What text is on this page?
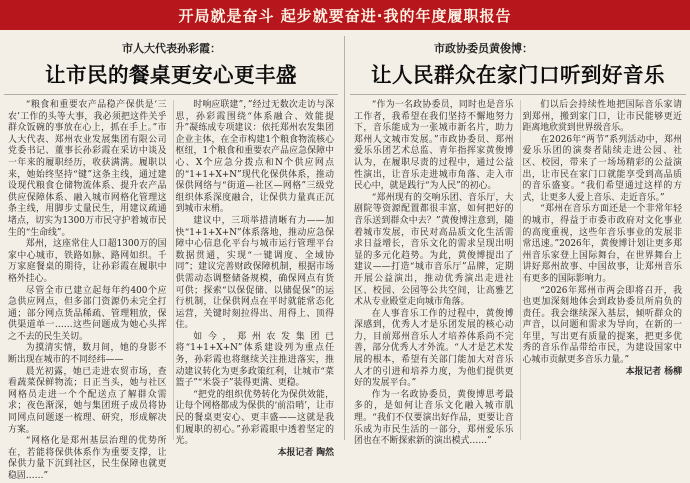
开局就是奋斗 起步就要奋进·我的年度履职报告
市人大代表孙彩霞：
让市民的餐桌更安心更丰盛

“粮食和重要农产品稳产保供是‘三农’工作的头等大事，我必须把这件关乎群众饭碗的事放在心上，抓在手上。”市人大代表、郑州农业发展集团有限公司党委书记、董事长孙彩霞在采访中谈及一年来的履职经历，收获满满。履职以来，她始终坚持“键”这条主线，通过建设现代粮食仓储物流体系、提升农产品供应保障体系、融入城市网格化管理这条主线，用脚步丈量民生，用建议疏通堵点，切实为1300万市民守护着城市民生的“生命线”。

郑州，这座常住人口超1300万的国家中心城市，铁路如脉、路网如织。千万家庭餐桌的期待，让孙彩霞在履职中格外挂心。

尽管全市已建立起每年约400个应急供应网点，但多部门资源仍未完全打通；部分网点货品稀疏、管理粗放，保供渠道单一……这些问题成为她心头挥之不去的民生关切。

为摸清实情，数月间，她的身影不断出现在城市的不同经纬——

晨光初露，她已走进农贸市场，查看蔬菜保鲜物流；日正当头，她与社区网格员走进一个个配送点了解群众需求；夜色渐深，她与集团班子成员将协同网点问题逐一梳理、研究，形成解决方案。

“网格化是郑州基层治理的优势所在，若能将保供体系作为重要支撑，让保供力量下沉到社区，民生保障也就更稳固……”

时响应联建”，”经过无数次走访与深思，孙彩霞围绕“体系融合、效能提升”凝练成专项建议：依托郑州农发集团企业主体，在全市构建1个粮食物流核心枢纽，1个粮食和重要农产品应急保障中心、X个应急分拨点和N个供应网点的“1+1+X+N”现代化保供体系，推动保供网络与“街道—社区—网格”三级党组织体系深度融合，让保供力量真正沉到城市末梢。

建议中，三项举措清晰有力——加快“1+1+X+N”体系落地，推动应急保障中心信息化平台与城市运行管理平台数据贯通，实现“一键调度、全域协同”；建议完善财政保障机制，根据市场供需动态调整储备规模，确保网点有货可供；探索“以保促储、以储促保”的运行机制，让保供网点在平时就能常态化运营，关键时刻拉得出、用得上、顶得住。

如今，郑州农发集团已将“1+1+X+N”体系建设列为重点任务，孙彩霞也将继续关注推进落实，推动建议转化为更多政策红利，让城市“菜篮子”“米袋子”装得更满、更稳。

“把党的组织优势转化为保供效能，让每个网格都成为保供的‘前沿哨’，让市民的餐桌更安心、更丰盛——这就是我们履职的初心。”孙彩霞眼中透着坚定的光。

本报记者 陶然

市政协委员黄俊博：
让人民群众在家门口听到好音乐

“作为一名政协委员，同时也是音乐工作者，我希望在我们坚持不懈地努力下，音乐能成为一张城市新名片，助力郑州人文城市发展。”市政协委员、郑州爱乐乐团艺术总监、青年指挥家黄俊博认为，在履职尽责的过程中，通过公益性演出，让音乐走进城市角落、走入市民心中，就是践行“为人民”的初心。

“郑州现有的交响乐团、音乐厅，大剧院等资源配置都很丰富，如何把好的音乐送到群众中去？”黄俊博注意到，随着城市发展，市民对高品质文化生活需求日益增长，音乐文化的需求呈现出明显的多元化趋势。为此，黄俊博提出了建议——打造“城市音乐厅”品牌，定期开展公益演出，推动优秀演出走进社区、校园、公园等公共空间，让高雅艺术从专业殿堂走向城市角落。

在人事音乐工作的过程中，黄俊博深感到，优秀人才是乐团发展的核心动力，目前郑州音乐人才培养体系尚不完善，部分优秀人才外流。“人才是艺术发展的根本，希望有关部门能加大对音乐人才的引进和培养力度，为他们提供更好的发展平台。”

作为一名政协委员，黄俊博思考最多的，是如何让音乐文化融入城市肌理。“我们不仅要演出好作品，更要让音乐成为市民生活的一部分，郑州爱乐乐团也在不断探索新的演出模式……”

们以后会持续性地把国际音乐家请到郑州，搬到家门口，让市民能够更近距离地欣赏到世界级音乐。

在2026年“两节”系列活动中，郑州爱乐乐团的演奏者陆续走进公园、社区、校园，带来了一场场精彩的公益演出，让市民在家门口就能享受到高品质的音乐盛宴。“我们希望通过这样的方式，让更多人爱上音乐、走近音乐。”

“郑州在音乐方面还是一个非常年轻的城市，得益于市委市政府对文化事业的高度重视，这些年音乐事业的发展非常迅速。”2026年，黄俊博计划让更多郑州音乐家登上国际舞台，在世界舞台上讲好郑州故事、中国故事，让郑州音乐有更多的国际影响力。

“2026年郑州市两会即将召开，我也更加深刻地体会到政协委员所肩负的责任。我会继续深入基层，倾听群众的声音，以问题和需求为导向，在新的一年里，写出更有质量的提案，把更多优秀的音乐作品带给市民，为建设国家中心城市贡献更多音乐力量。”

本报记者 杨柳
